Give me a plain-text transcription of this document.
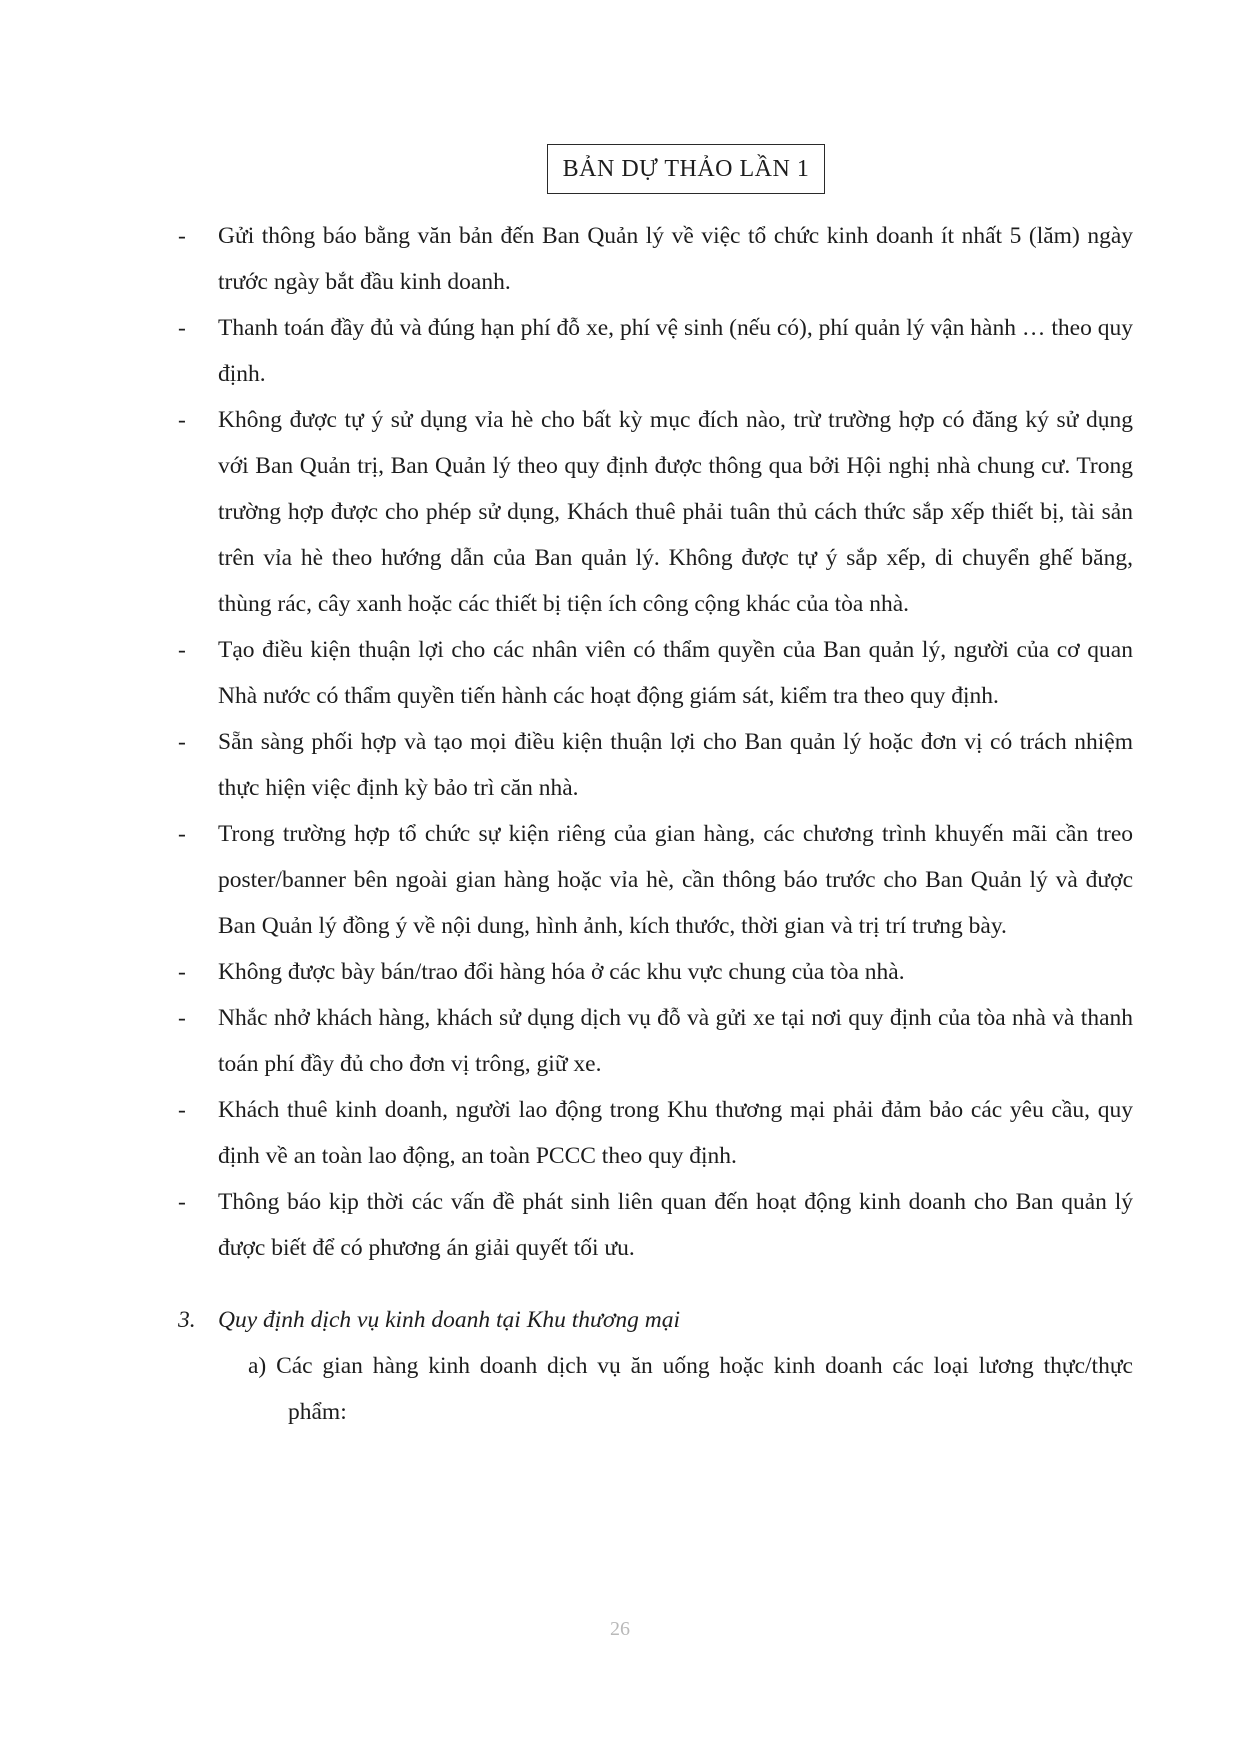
BẢN DỰ THẢO LẦN 1
-	Gửi thông báo bằng văn bản đến Ban Quản lý về việc tổ chức kinh doanh ít nhất 5 (lăm) ngày trước ngày bắt đầu kinh doanh.
-	Thanh toán đầy đủ và đúng hạn phí đỗ xe, phí vệ sinh (nếu có), phí quản lý vận hành … theo quy định.
-	Không được tự ý sử dụng vỉa hè cho bất kỳ mục đích nào, trừ trường hợp có đăng ký sử dụng với Ban Quản trị, Ban Quản lý theo quy định được thông qua bởi Hội nghị nhà chung cư. Trong trường hợp được cho phép sử dụng, Khách thuê phải tuân thủ cách thức sắp xếp thiết bị, tài sản trên vỉa hè theo hướng dẫn của Ban quản lý. Không được tự ý sắp xếp, di chuyển ghế băng, thùng rác, cây xanh hoặc các thiết bị tiện ích công cộng khác của tòa nhà.
-	Tạo điều kiện thuận lợi cho các nhân viên có thẩm quyền của Ban quản lý, người của cơ quan Nhà nước có thẩm quyền tiến hành các hoạt động giám sát, kiểm tra theo quy định.
-	Sẵn sàng phối hợp và tạo mọi điều kiện thuận lợi cho Ban quản lý hoặc đơn vị có trách nhiệm thực hiện việc định kỳ bảo trì căn nhà.
-	Trong trường hợp tổ chức sự kiện riêng của gian hàng, các chương trình khuyến mãi cần treo poster/banner bên ngoài gian hàng hoặc vỉa hè, cần thông báo trước cho Ban Quản lý và được Ban Quản lý đồng ý về nội dung, hình ảnh, kích thước, thời gian và trị trí trưng bày.
-	Không được bày bán/trao đổi hàng hóa ở các khu vực chung của tòa nhà.
-	Nhắc nhở khách hàng, khách sử dụng dịch vụ đỗ và gửi xe tại nơi quy định của tòa nhà và thanh toán phí đầy đủ cho đơn vị trông, giữ xe.
-	Khách thuê kinh doanh, người lao động trong Khu thương mại phải đảm bảo các yêu cầu, quy định về an toàn lao động, an toàn PCCC theo quy định.
-	Thông báo kịp thời các vấn đề phát sinh liên quan đến hoạt động kinh doanh cho Ban quản lý được biết để có phương án giải quyết tối ưu.
3. Quy định dịch vụ kinh doanh tại Khu thương mại
a) Các gian hàng kinh doanh dịch vụ ăn uống hoặc kinh doanh các loại lương thực/thực phẩm:
26
